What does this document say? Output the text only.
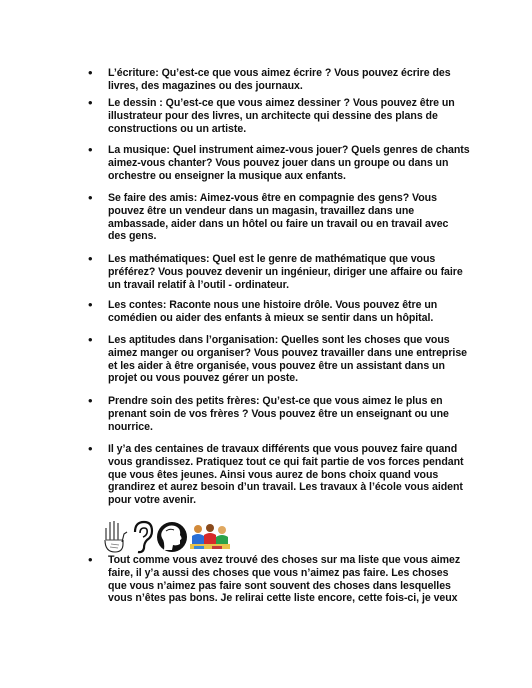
• L’écriture: Qu’est-ce que vous aimez écrire ? Vous pouvez écrire des
livres, des magazines ou des journaux.
• Le dessin : Qu’est-ce que vous aimez dessiner ? Vous pouvez être un
illustrateur pour des livres, un architecte qui dessine des plans de
constructions ou un artiste.
• La musique: Quel instrument aimez-vous jouer? Quels genres de chants
aimez-vous chanter? Vous pouvez jouer dans un groupe ou dans un
orchestre ou enseigner la musique aux enfants.
• Se faire des amis: Aimez-vous être en compagnie des gens? Vous
pouvez être un vendeur dans un magasin, travaillez dans une
ambassade, aider dans un hôtel ou faire un travail ou en travail avec
des gens.
• Les mathématiques: Quel est le genre de mathématique que vous
préférez? Vous pouvez devenir un ingénieur, diriger une affaire ou faire
un travail relatif à l’outil - ordinateur.
• Les contes: Raconte nous une histoire drôle. Vous pouvez être un
comédien ou aider des enfants à mieux se sentir dans un hôpital.
• Les aptitudes dans l’organisation: Quelles sont les choses que vous
aimez manger ou organiser? Vous pouvez travailler dans une entreprise
et les aider à être organisée, vous pouvez être un assistant dans un
projet ou vous pouvez gérer un poste.
• Prendre soin des petits frères: Qu’est-ce que vous aimez le plus en
prenant soin de vos frères ? Vous pouvez être un enseignant ou une
nourrice.
• Il y’a des centaines de travaux différents que vous pouvez faire quand
vous grandissez. Pratiquez tout ce qui fait partie de vos forces pendant
que vous êtes jeunes. Ainsi vous aurez de bons choix quand vous
grandirez et aurez besoin d’un travail. Les travaux à l’école vous aident
pour votre avenir.
• Tout comme vous avez trouvé des choses sur ma liste que vous aimez
faire, il y’a aussi des choses que vous n’aimez pas faire. Les choses
que vous n’aimez pas faire sont souvent des choses dans lesquelles
vous n’êtes pas bons. Je relirai cette liste encore, cette fois-ci, je veux
